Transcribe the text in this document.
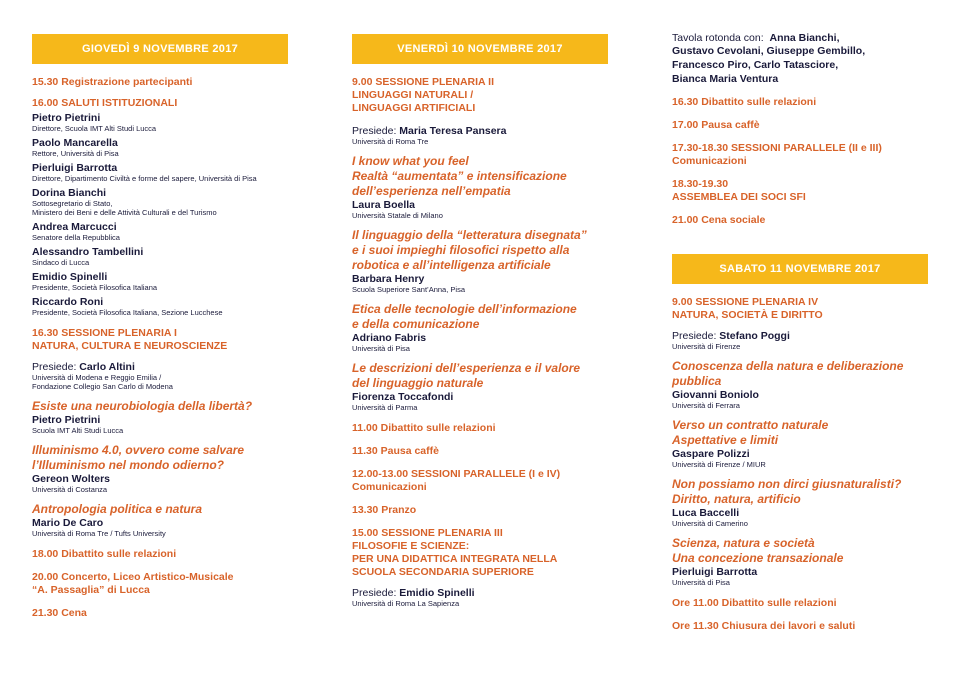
GIOVEDÌ 9 NOVEMBRE 2017
15.30 Registrazione partecipanti
16.00 SALUTI ISTITUZIONALI
Pietro Pietrini
Direttore, Scuola IMT Alti Studi Lucca
Paolo Mancarella
Rettore, Università di Pisa
Pierluigi Barrotta
Direttore, Dipartimento Civiltà e forme del sapere, Università di Pisa
Dorina Bianchi
Sottosegretario di Stato,
Ministero dei Beni e delle Attività Culturali e del Turismo
Andrea Marcucci
Senatore della Repubblica
Alessandro Tambellini
Sindaco di Lucca
Emidio Spinelli
Presidente, Società Filosofica Italiana
Riccardo Roni
Presidente, Società Filosofica Italiana, Sezione Lucchese
16.30 SESSIONE PLENARIA I
NATURA, CULTURA E NEUROSCIENZE
Presiede: Carlo Altini
Università di Modena e Reggio Emilia /
Fondazione Collegio San Carlo di Modena
Esiste una neurobiologia della libertà?
Pietro Pietrini
Scuola IMT Alti Studi Lucca
Illuminismo 4.0, ovvero come salvare
l’Illuminismo nel mondo odierno?
Gereon Wolters
Università di Costanza
Antropologia politica e natura
Mario De Caro
Università di Roma Tre / Tufts University
18.00 Dibattito sulle relazioni
20.00 Concerto, Liceo Artistico-Musicale
“A. Passaglia” di Lucca
21.30 Cena
VENERDÌ 10 NOVEMBRE 2017
9.00 SESSIONE PLENARIA II
LINGUAGGI NATURALI /
LINGUAGGI ARTIFICIALI
Presiede: Maria Teresa Pansera
Università di Roma Tre
I know what you feel
Realtà “aumentata” e intensificazione
dell’esperienza nell’empatia
Laura Boella
Università Statale di Milano
Il linguaggio della “letteratura disegnata”
e i suoi impieghi filosofici rispetto alla
robotica e all’intelligenza artificiale
Barbara Henry
Scuola Superiore Sant’Anna, Pisa
Etica delle tecnologie dell’informazione
e della comunicazione
Adriano Fabris
Università di Pisa
Le descrizioni dell’esperienza e il valore
del linguaggio naturale
Fiorenza Toccafondi
Università di Parma
11.00 Dibattito sulle relazioni
11.30 Pausa caffè
12.00-13.00 SESSIONI PARALLELE (I e IV)
Comunicazioni
13.30 Pranzo
15.00 SESSIONE PLENARIA III
FILOSOFIE E SCIENZE:
PER UNA DIDATTICA INTEGRATA NELLA
SCUOLA SECONDARIA SUPERIORE
Presiede: Emidio Spinelli
Università di Roma La Sapienza
Tavola rotonda con: Anna Bianchi,
Gustavo Cevolani, Giuseppe Gembillo,
Francesco Piro, Carlo Tatasciore,
Bianca Maria Ventura
16.30 Dibattito sulle relazioni
17.00 Pausa caffè
17.30-18.30 SESSIONI PARALLELE (II e III)
Comunicazioni
18.30-19.30
ASSEMBLEA DEI SOCI SFI
21.00 Cena sociale
SABATO 11 NOVEMBRE 2017
9.00 SESSIONE PLENARIA IV
NATURA, SOCIETÀ E DIRITTO
Presiede: Stefano Poggi
Università di Firenze
Conoscenza della natura e deliberazione
pubblica
Giovanni Boniolo
Università di Ferrara
Verso un contratto naturale
Aspettative e limiti
Gaspare Polizzi
Università di Firenze / MIUR
Non possiamo non dirci giusnaturalisti?
Diritto, natura, artificio
Luca Baccelli
Università di Camerino
Scienza, natura e società
Una concezione transazionale
Pierluigi Barrotta
Università di Pisa
Ore 11.00 Dibattito sulle relazioni
Ore 11.30 Chiusura dei lavori e saluti
